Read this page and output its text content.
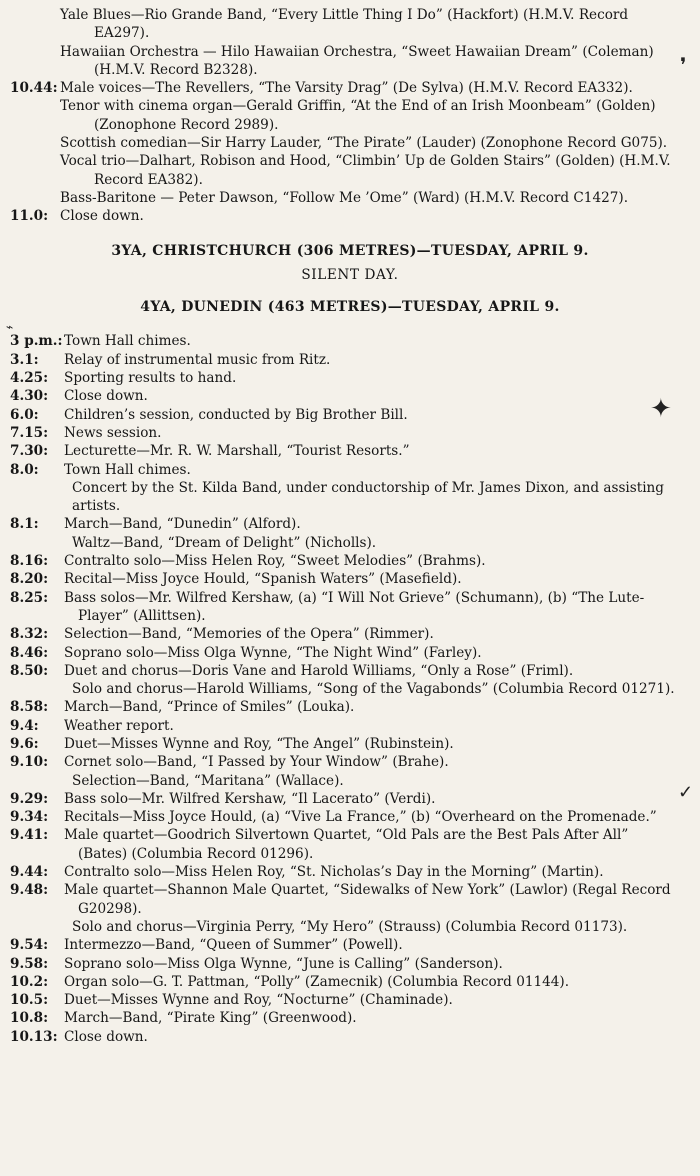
Yale Blues—Rio Grande Band, “Every Little Thing I Do” (Hackfort) (H.M.V. Record EA297).
Hawaiian Orchestra — Hilo Hawaiian Orchestra, “Sweet Hawaiian Dream” (Coleman) (H.M.V. Record B2328).
10.44: Male voices—The Revellers, “The Varsity Drag” (De Sylva) (H.M.V. Record EA332).
Tenor with cinema organ—Gerald Griffin, “At the End of an Irish Moonbeam” (Golden) (Zonophone Record 2989).
Scottish comedian—Sir Harry Lauder, “The Pirate” (Lauder) (Zonophone Record G075).
Vocal trio—Dalhart, Robison and Hood, “Climbin’ Up de Golden Stairs” (Golden) (H.M.V. Record EA382).
Bass-Baritone — Peter Dawson, “Follow Me ’Ome” (Ward) (H.M.V. Record C1427).
11.0: Close down.
3YA, CHRISTCHURCH (306 METRES)—TUESDAY, APRIL 9.
SILENT DAY.
4YA, DUNEDIN (463 METRES)—TUESDAY, APRIL 9.
3 p.m.: Town Hall chimes.
3.1: Relay of instrumental music from Ritz.
4.25: Sporting results to hand.
4.30: Close down.
6.0: Children’s session, conducted by Big Brother Bill.
7.15: News session.
7.30: Lecturette—Mr. R. W. Marshall, “Tourist Resorts.”
8.0: Town Hall chimes.
Concert by the St. Kilda Band, under conductorship of Mr. James Dixon, and assisting artists.
8.1: March—Band, “Dunedin” (Alford).
Waltz—Band, “Dream of Delight” (Nicholls).
8.16: Contralto solo—Miss Helen Roy, “Sweet Melodies” (Brahms).
8.20: Recital—Miss Joyce Hould, “Spanish Waters” (Masefield).
8.25: Bass solos—Mr. Wilfred Kershaw, (a) “I Will Not Grieve” (Schumann), (b) “The Lute-Player” (Allittsen).
8.32: Selection—Band, “Memories of the Opera” (Rimmer).
8.46: Soprano solo—Miss Olga Wynne, “The Night Wind” (Farley).
8.50: Duet and chorus—Doris Vane and Harold Williams, “Only a Rose” (Friml).
Solo and chorus—Harold Williams, “Song of the Vagabonds” (Columbia Record 01271).
8.58: March—Band, “Prince of Smiles” (Louka).
9.4: Weather report.
9.6: Duet—Misses Wynne and Roy, “The Angel” (Rubinstein).
9.10: Cornet solo—Band, “I Passed by Your Window” (Brahe).
Selection—Band, “Maritana” (Wallace).
9.29: Bass solo—Mr. Wilfred Kershaw, “Il Lacerato” (Verdi).
9.34: Recitals—Miss Joyce Hould, (a) “Vive La France,” (b) “Overheard on the Promenade.”
9.41: Male quartet—Goodrich Silvertown Quartet, “Old Pals are the Best Pals After All” (Bates) (Columbia Record 01296).
9.44: Contralto solo—Miss Helen Roy, “St. Nicholas’s Day in the Morning” (Martin).
9.48: Male quartet—Shannon Male Quartet, “Sidewalks of New York” (Lawlor) (Regal Record G20298).
Solo and chorus—Virginia Perry, “My Hero” (Strauss) (Columbia Record 01173).
9.54: Intermezzo—Band, “Queen of Summer” (Powell).
9.58: Soprano solo—Miss Olga Wynne, “June is Calling” (Sanderson).
10.2: Organ solo—G. T. Pattman, “Polly” (Zamecnik) (Columbia Record 01144).
10.5: Duet—Misses Wynne and Roy, “Nocturne” (Chaminade).
10.8: March—Band, “Pirate King” (Greenwood).
10.13: Close down.
❜
⌁
✦
✓
